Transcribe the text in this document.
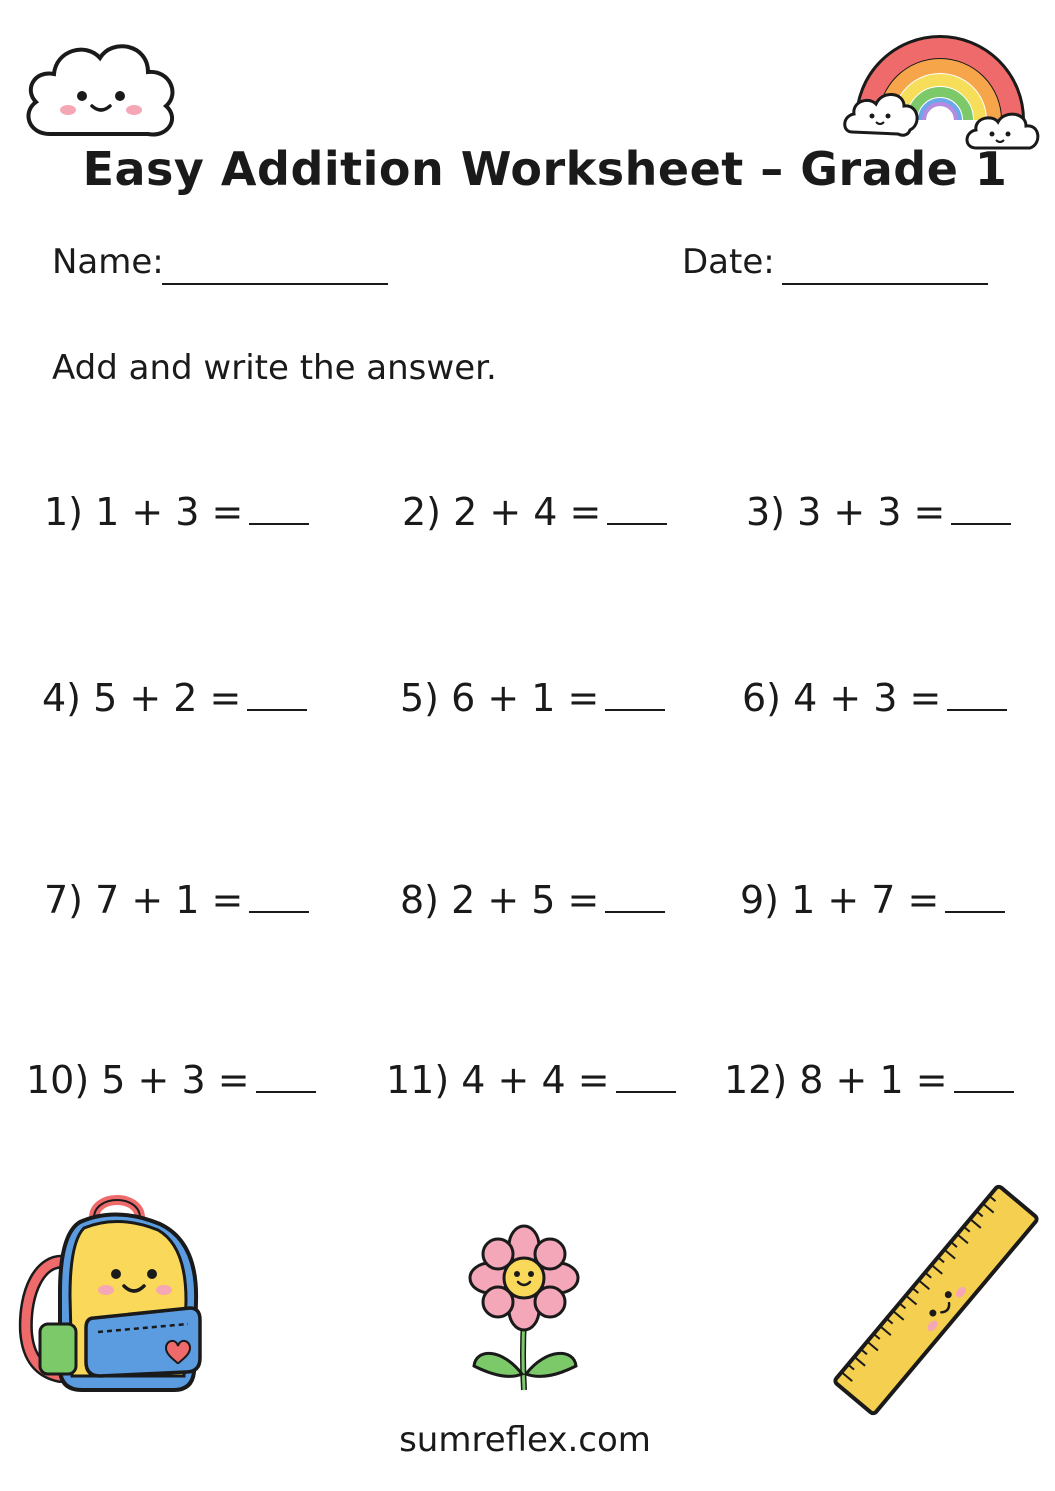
Easy Addition Worksheet – Grade 1
Name:	Date:
Add and write the answer.
1) 1 + 3 =	2) 2 + 4 =	3) 3 + 3 =
4) 5 + 2 =	5) 6 + 1 =	6) 4 + 3 =
7) 7 + 1 =	8) 2 + 5 =	9) 1 + 7 =
10) 5 + 3 =	11) 4 + 4 =	12) 8 + 1 =
sumreflex.com
